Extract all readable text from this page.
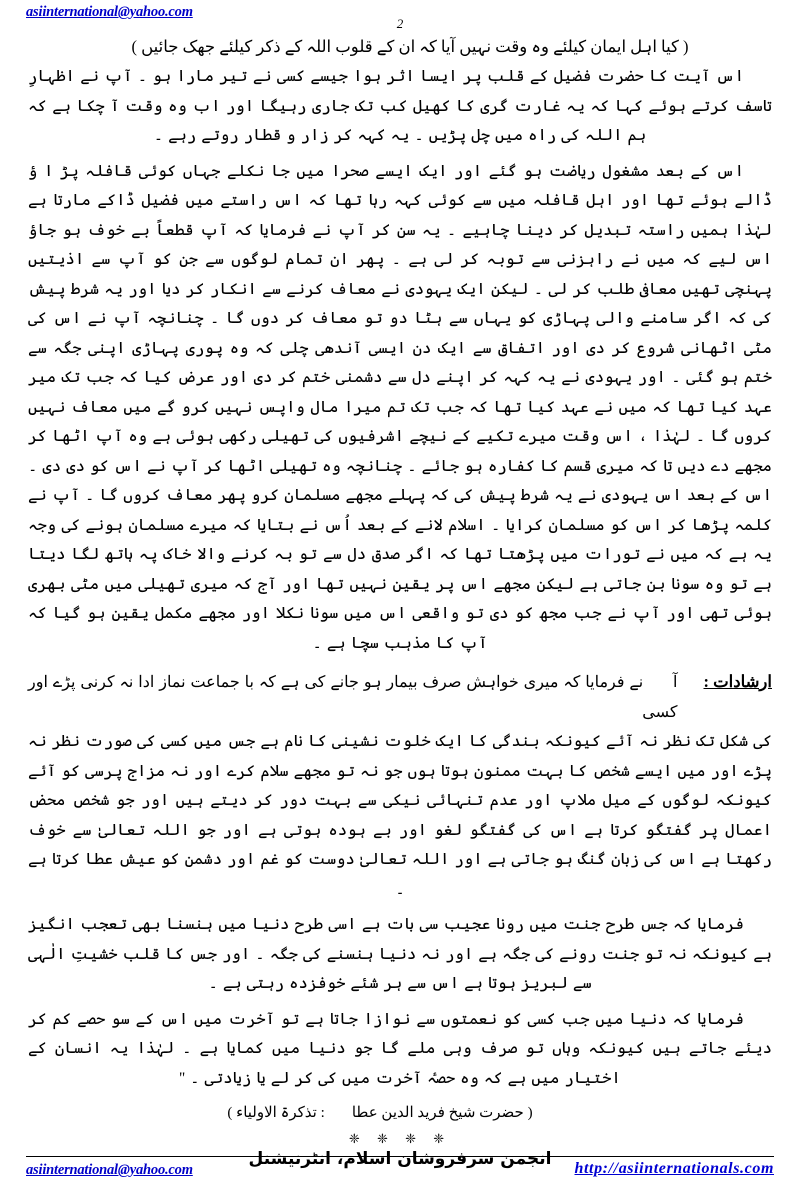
asiinternational@yahoo.com
2
( کیا اہل ایمان کیلئے وہ وقت نہیں آیا کہ ان کے قلوب اللہ کے ذکر کیلئے جھک جائیں )
اس آیت کا حضرت فضیل کے قلب پر ایسا اثر ہوا جیسے کسی نے تیر مارا ہو ۔ آپ نے اظہارِ تاسف کرتے ہوئے کہا کہ یہ غارت گری کا کھیل کب تک جاری رہیگا اور اب وہ وقت آ چکا ہے کہ ہم اللہ کی راہ میں چل پڑیں ۔ یہ کہہ کر زار و قطار روتے رہے ۔
اس کے بعد مشغول ریاضت ہو گئے اور ایک ایسے صحرا میں جا نکلے جہاں کوئی قافلہ پڑ ا ؤ ڈالے ہوئے تھا اور اہل قافلہ میں سے کوئی کہہ رہا تھا کہ اس راستے میں فضیل ڈاکے مارتا ہے لہٰذا ہمیں راستہ تبدیل کر دینا چاہیے ۔ یہ سن کر آپ نے فرمایا کہ آپ قطعاً بے خوف ہو جاؤ اس لیے کہ میں نے راہزنی سے توبہ کر لی ہے ۔ پھر ان تمام لوگوں سے جن کو آپ سے اذیتیں پہنچی تھیں معافی طلب کر لی ۔ لیکن ایک یہودی نے معاف کرنے سے انکار کر دیا اور یہ شرط پیش کی کہ اگر سامنے والی پہاڑی کو یہاں سے ہٹا دو تو معاف کر دوں گا ۔ چنانچہ آپ نے اس کی مٹی اٹھانی شروع کر دی اور اتفاق سے ایک دن ایسی آندھی چلی کہ وہ پوری پہاڑی اپنی جگہ سے ختم ہو گئی ۔ اور یہودی نے یہ کہہ کر اپنے دل سے دشمنی ختم کر دی اور عرض کیا کہ جب تک میر عہد کیا تھا کہ میں نے عہد کیا تھا کہ جب تک تم میرا مال واپس نہیں کرو گے میں معاف نہیں کروں گا ۔ لہٰذا ، اس وقت میرے تکیے کے نیچے اشرفیوں کی تھیلی رکھی ہوئی ہے وہ آپ اٹھا کر مجھے دے دیں تا کہ میری قسم کا کفارہ ہو جائے ۔ چنانچہ وہ تھیلی اٹھا کر آپ نے اس کو دی دی ۔ اس کے بعد اس یہودی نے یہ شرط پیش کی کہ پہلے مجھے مسلمان کرو پھر معاف کروں گا ۔ آپ نے کلمہ پڑھا کر اس کو مسلمان کرایا ۔ اسلام لانے کے بعد اُس نے بتایا کہ میرے مسلمان ہونے کی وجہ یہ ہے کہ میں نے تورات میں پڑھتا تھا کہ اگر صدق دل سے تو بہ کرنے والا خاک پہ ہاتھ لگا دیتا ہے تو وہ سونا بن جاتی ہے لیکن مجھے اس پر یقین نہیں تھا اور آج کہ میری تھیلی میں مٹی بھری ہوئی تھی اور آپ نے جب مجھ کو دی تو واقعی اس میں سونا نکلا اور مجھے مکمل یقین ہو گیا کہ آپ کا مذہب سچا ہے ۔
ارشادات :
آپؒ نے فرمایا کہ میری خواہش صرف بیمار ہو جانے کی ہے کہ با جماعت نماز ادا نہ کرنی پڑے اور کسی
کی شکل تک نظر نہ آئے کیونکہ بندگی کا ایک خلوت نشینی کا نام ہے جس میں کسی کی صورت نظر نہ پڑے اور میں ایسے شخص کا بہت ممنون ہوتا ہوں جو نہ تو مجھے سلام کرے اور نہ مزاج پرسی کو آئے کیونکہ لوگوں کے میل ملاپ اور عدم تنہائی نیکی سے بہت دور کر دیتے ہیں اور جو شخص محض اعمال پر گفتگو کرتا ہے اس کی گفتگو لغو اور بے ہودہ ہوتی ہے اور جو اللہ تعالیٰ سے خوف رکھتا ہے اس کی زبان گنگ ہو جاتی ہے اور اللہ تعالیٰ دوست کو غم اور دشمن کو عیش عطا کرتا ہے ۔
فرمایا کہ جس طرح جنت میں رونا عجیب سی بات ہے اسی طرح دنیا میں ہنسنا بھی تعجب انگیز ہے کیونکہ نہ تو جنت رونے کی جگہ ہے اور نہ دنیا ہنسنے کی جگہ ۔ اور جس کا قلب خشیتِ الٰہی سے لبریز ہوتا ہے اس سے ہر شئے خوفزدہ رہتی ہے ۔
فرمایا کہ دنیا میں جب کسی کو نعمتوں سے نوازا جاتا ہے تو آخرت میں اس کے سو حصے کم کر دیئے جاتے ہیں کیونکہ وہاں تو صرف وہی ملے گا جو دنیا میں کمایا ہے ۔ لہٰذا یہ انسان کے اختیار میں ہے کہ وہ حصہٴ آخرت میں کی کر لے یا زیادتی ۔ ''
( حضرت شیخ فرید الدین عطارؒ : تذکرۃ الاولیاء )
❈ ❈ ❈ ❈
انجمن سرفروشان اسلام، انٹرنیشنل
asiinternational@yahoo.com	http://asiinternationals.com
